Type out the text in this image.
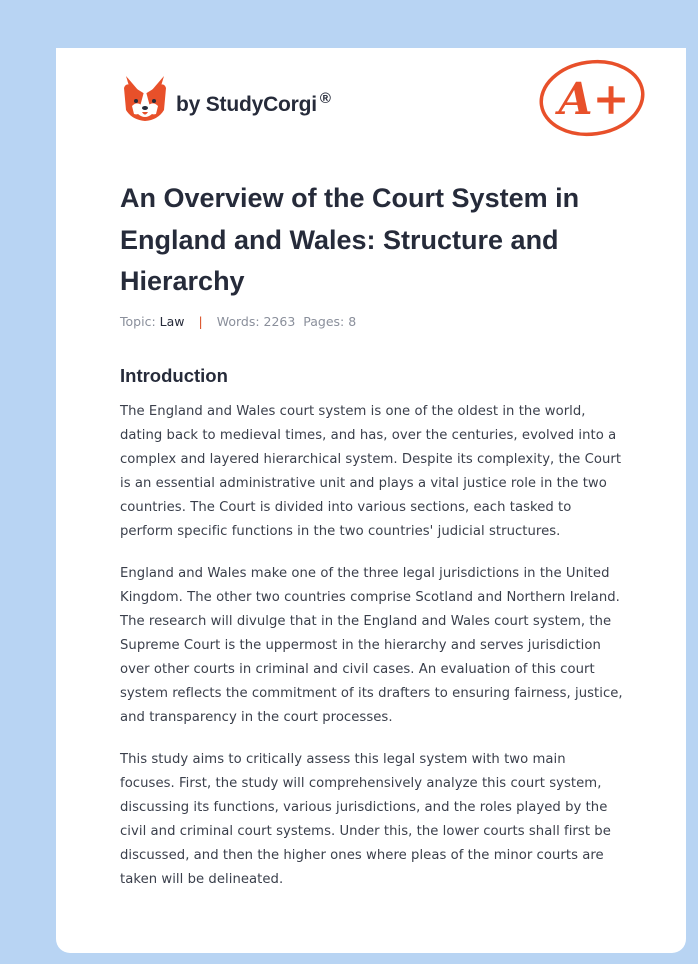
by StudyCorgi ®	A+
An Overview of the Court System in England and Wales: Structure and Hierarchy
Topic: Law | Words: 2263 Pages: 8
Introduction

The England and Wales court system is one of the oldest in the world, dating back to medieval times, and has, over the centuries, evolved into a complex and layered hierarchical system. Despite its complexity, the Court is an essential administrative unit and plays a vital justice role in the two countries. The Court is divided into various sections, each tasked to perform specific functions in the two countries' judicial structures.

England and Wales make one of the three legal jurisdictions in the United Kingdom. The other two countries comprise Scotland and Northern Ireland. The research will divulge that in the England and Wales court system, the Supreme Court is the uppermost in the hierarchy and serves jurisdiction over other courts in criminal and civil cases. An evaluation of this court system reflects the commitment of its drafters to ensuring fairness, justice, and transparency in the court processes.

This study aims to critically assess this legal system with two main focuses. First, the study will comprehensively analyze this court system, discussing its functions, various jurisdictions, and the roles played by the civil and criminal court systems. Under this, the lower courts shall first be discussed, and then the higher ones where pleas of the minor courts are taken will be delineated.
